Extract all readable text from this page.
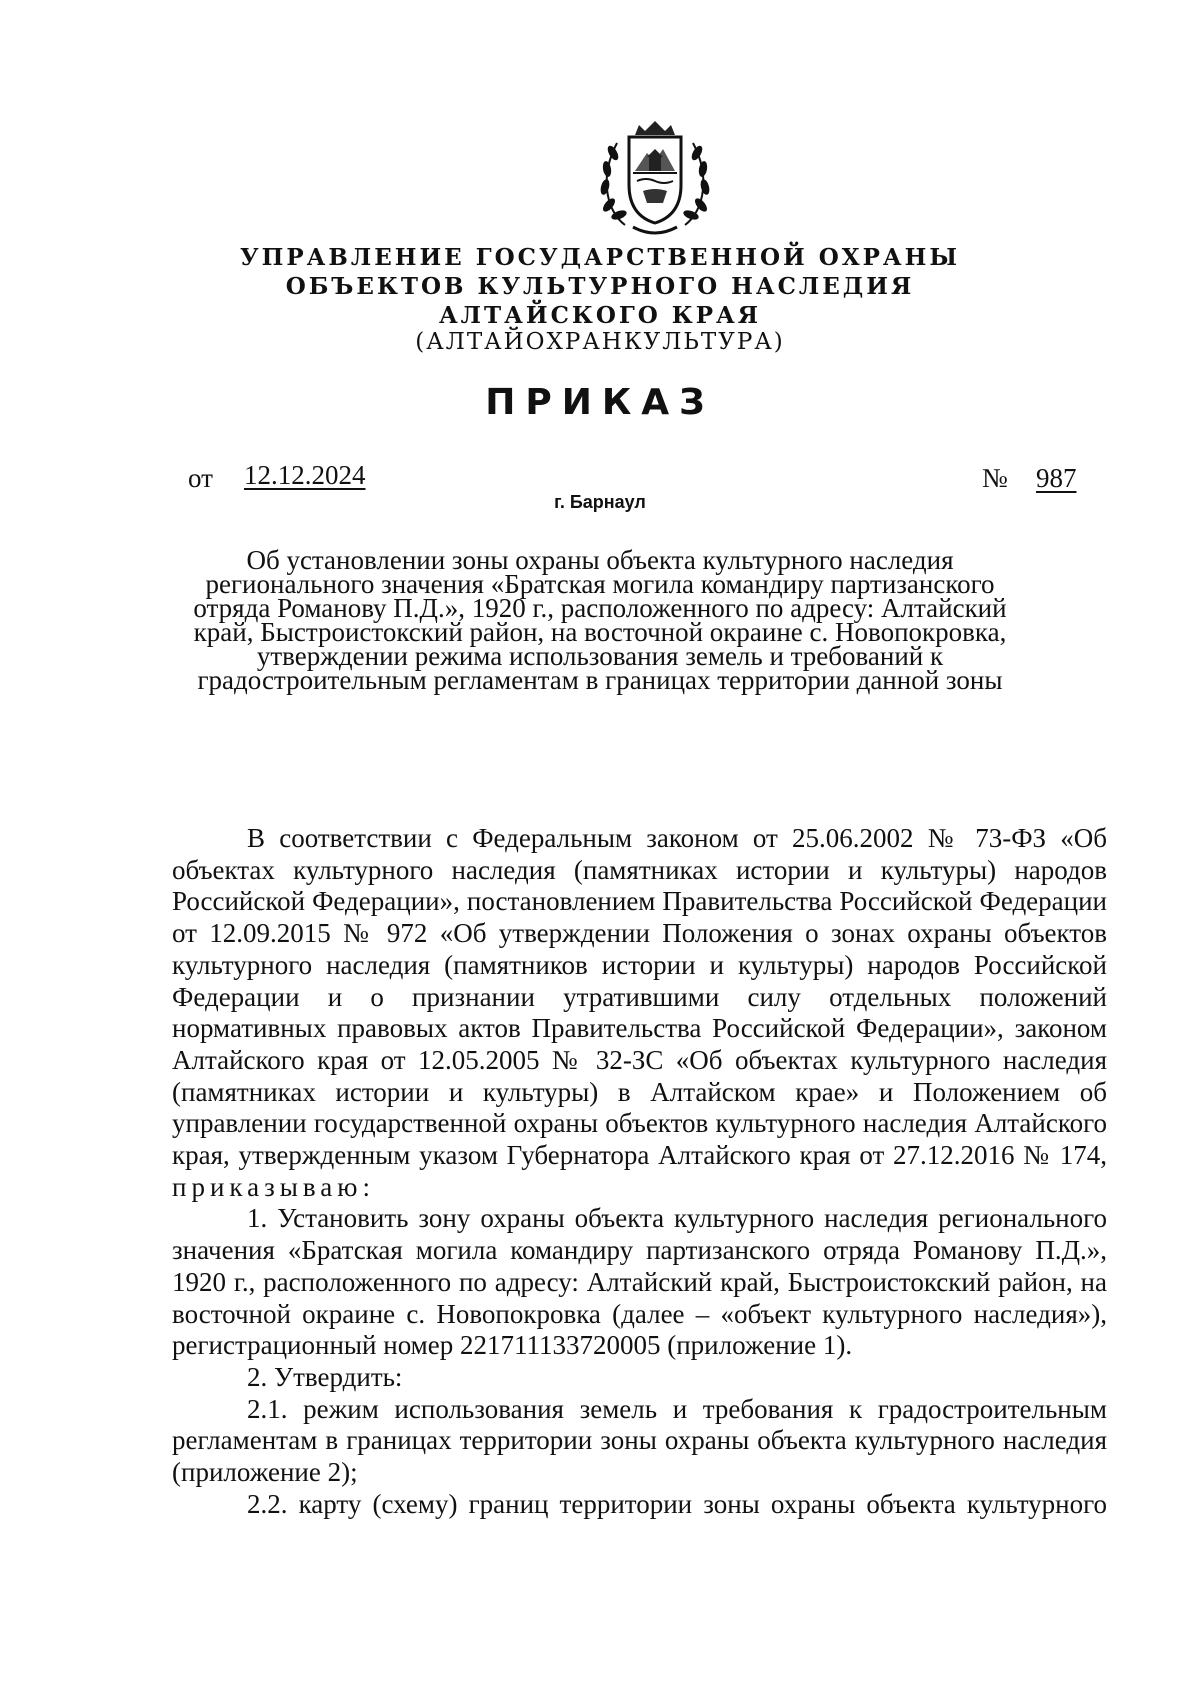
УПРАВЛЕНИЕ ГОСУДАРСТВЕННОЙ ОХРАНЫ
ОБЪЕКТОВ КУЛЬТУРНОГО НАСЛЕДИЯ
АЛТАЙСКОГО КРАЯ
(АЛТАЙОХРАНКУЛЬТУРА)
ПРИКАЗ
от 12.12.2024	№ 987
г. Барнаул
Об установлении зоны охраны объекта культурного наследия регионального значения «Братская могила командиру партизанского отряда Романову П.Д.», 1920 г., расположенного по адресу: Алтайский край, Быстроистокский район, на восточной окраине с. Новопокровка, утверждении режима использования земель и требований к градостроительным регламентам в границах территории данной зоны

В соответствии с Федеральным законом от 25.06.2002 № 73-ФЗ «Об объектах культурного наследия (памятниках истории и культуры) народов Российской Федерации», постановлением Правительства Российской Федерации от 12.09.2015 № 972 «Об утверждении Положения о зонах охраны объектов культурного наследия (памятников истории и культуры) народов Российской Федерации и о признании утратившими силу отдельных положений нормативных правовых актов Правительства Российской Федерации», законом Алтайского края от 12.05.2005 № 32-ЗС «Об объектах культурного наследия (памятниках истории и культуры) в Алтайском крае» и Положением об управлении государственной охраны объектов культурного наследия Алтайского края, утвержденным указом Губернатора Алтайского края от 27.12.2016 № 174, приказываю:

1. Установить зону охраны объекта культурного наследия регионального значения «Братская могила командиру партизанского отряда Романову П.Д.», 1920 г., расположенного по адресу: Алтайский край, Быстроистокский район, на восточной окраине с. Новопокровка (далее – «объект культурного наследия»), регистрационный номер 221711133720005 (приложение 1).

2. Утвердить:

2.1. режим использования земель и требования к градостроительным регламентам в границах территории зоны охраны объекта культурного наследия (приложение 2);

2.2. карту (схему) границ территории зоны охраны объекта культурного
